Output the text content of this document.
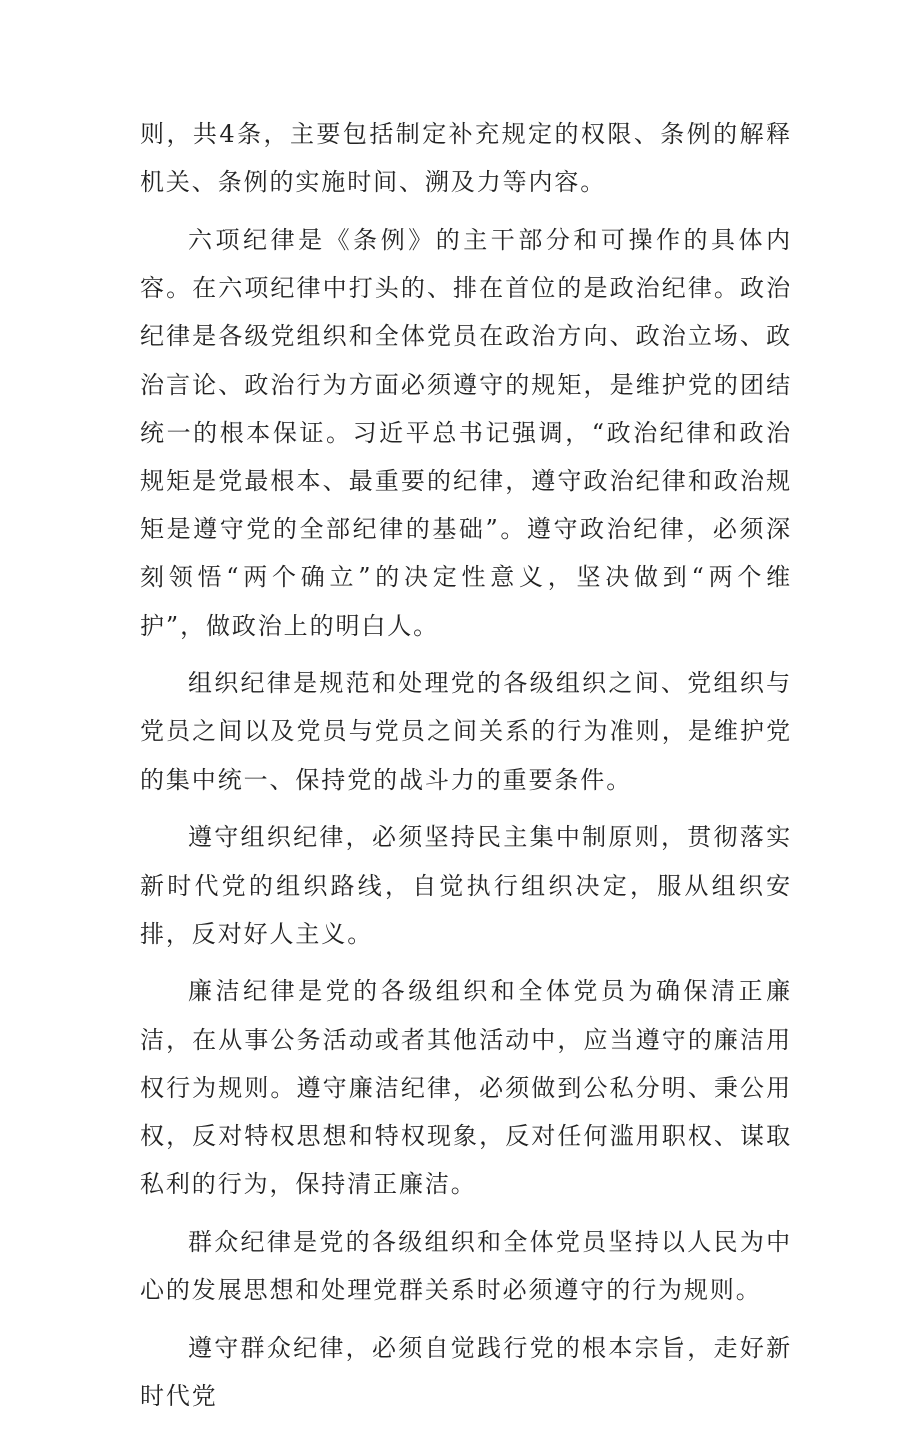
则，共4条，主要包括制定补充规定的权限、条例的解释机关、条例的实施时间、溯及力等内容。

六项纪律是《条例》的主干部分和可操作的具体内容。在六项纪律中打头的、排在首位的是政治纪律。政治纪律是各级党组织和全体党员在政治方向、政治立场、政治言论、政治行为方面必须遵守的规矩，是维护党的团结统一的根本保证。习近平总书记强调，“政治纪律和政治规矩是党最根本、最重要的纪律，遵守政治纪律和政治规矩是遵守党的全部纪律的基础”。遵守政治纪律，必须深刻领悟“两个确立”的决定性意义，坚决做到“两个维护”，做政治上的明白人。

组织纪律是规范和处理党的各级组织之间、党组织与党员之间以及党员与党员之间关系的行为准则，是维护党的集中统一、保持党的战斗力的重要条件。

遵守组织纪律，必须坚持民主集中制原则，贯彻落实新时代党的组织路线，自觉执行组织决定，服从组织安排，反对好人主义。

廉洁纪律是党的各级组织和全体党员为确保清正廉洁，在从事公务活动或者其他活动中，应当遵守的廉洁用权行为规则。遵守廉洁纪律，必须做到公私分明、秉公用权，反对特权思想和特权现象，反对任何滥用职权、谋取私利的行为，保持清正廉洁。

群众纪律是党的各级组织和全体党员坚持以人民为中心的发展思想和处理党群关系时必须遵守的行为规则。

遵守群众纪律，必须自觉践行党的根本宗旨，走好新时代党
